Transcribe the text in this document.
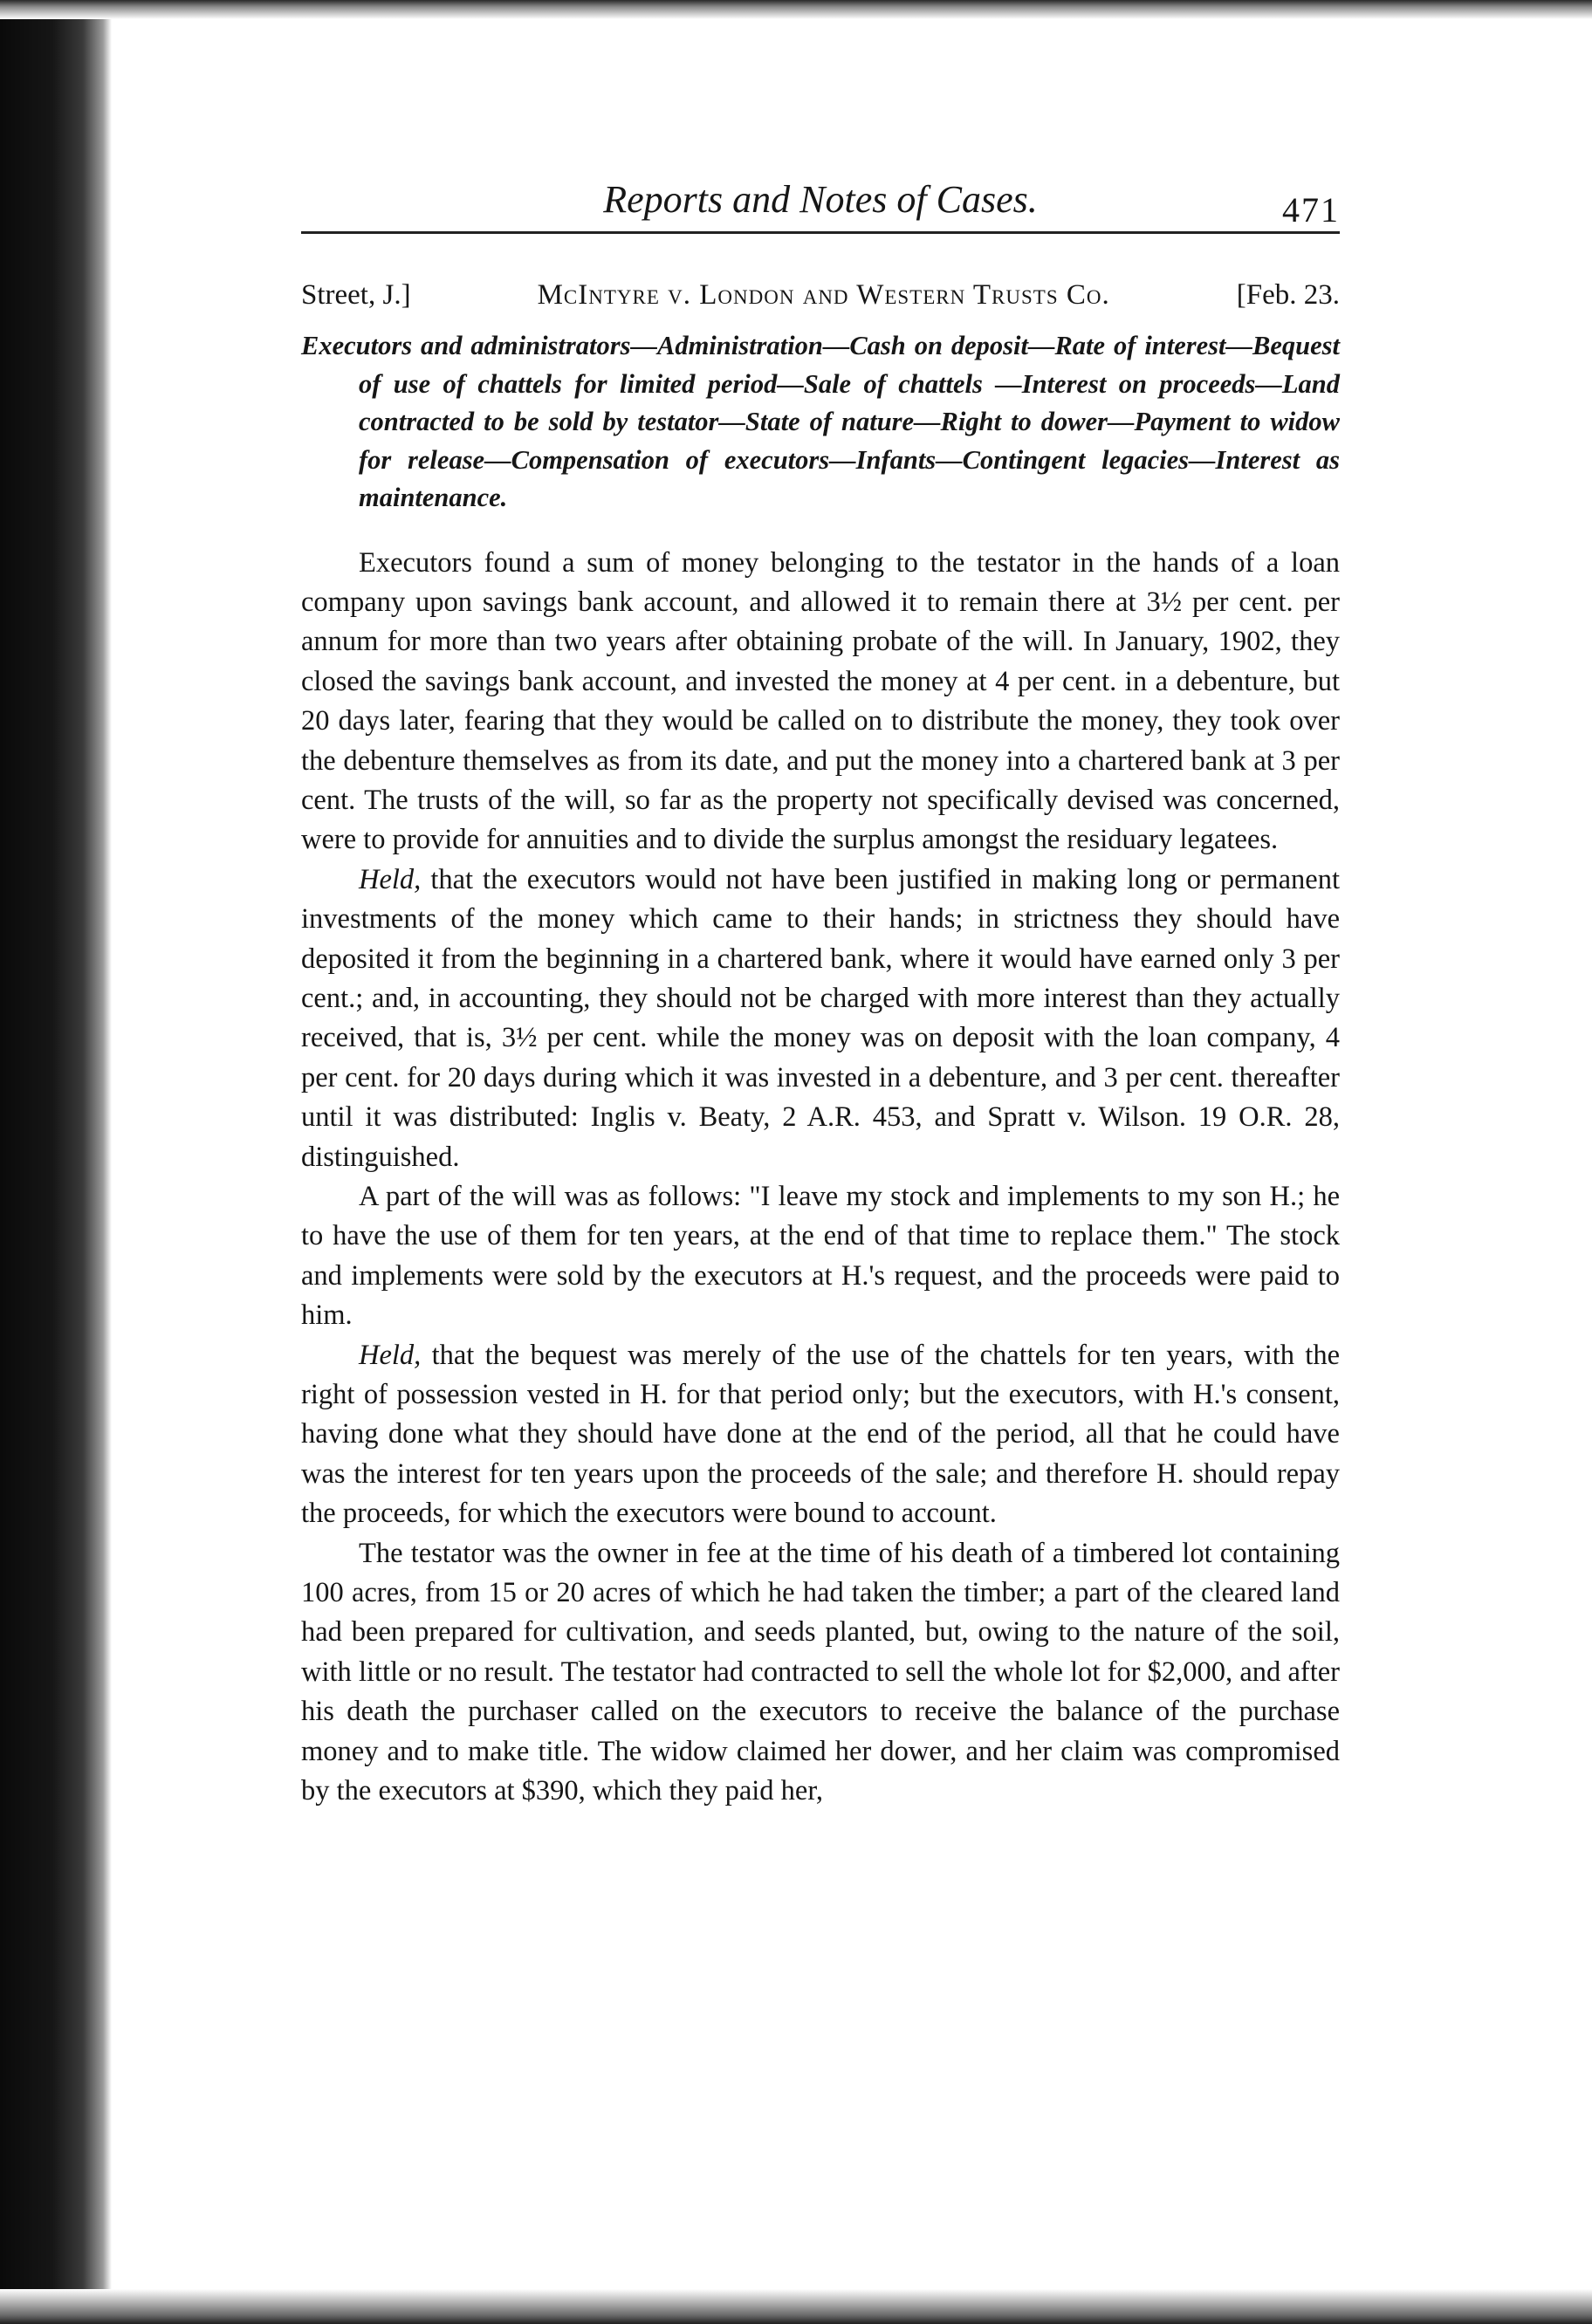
Reports and Notes of Cases.	471
Street, J.]	McIntyre v. London and Western Trusts Co.	[Feb. 23.
Executors and administrators—Administration—Cash on deposit—Rate of interest—Bequest of use of chattels for limited period—Sale of chattels —Interest on proceeds—Land contracted to be sold by testator—State of nature—Right to dower—Payment to widow for release—Compensation of executors—Infants—Contingent legacies—Interest as maintenance.

Executors found a sum of money belonging to the testator in the hands of a loan company upon savings bank account, and allowed it to remain there at 3½ per cent. per annum for more than two years after obtaining probate of the will. In January, 1902, they closed the savings bank account, and invested the money at 4 per cent. in a debenture, but 20 days later, fearing that they would be called on to distribute the money, they took over the debenture themselves as from its date, and put the money into a chartered bank at 3 per cent. The trusts of the will, so far as the property not specifically devised was concerned, were to provide for annuities and to divide the surplus amongst the residuary legatees.

Held, that the executors would not have been justified in making long or permanent investments of the money which came to their hands; in strictness they should have deposited it from the beginning in a chartered bank, where it would have earned only 3 per cent.; and, in accounting, they should not be charged with more interest than they actually received, that is, 3½ per cent. while the money was on deposit with the loan company, 4 per cent. for 20 days during which it was invested in a debenture, and 3 per cent. thereafter until it was distributed: Inglis v. Beaty, 2 A.R. 453, and Spratt v. Wilson. 19 O.R. 28, distinguished.

A part of the will was as follows: "I leave my stock and implements to my son H.; he to have the use of them for ten years, at the end of that time to replace them." The stock and implements were sold by the executors at H.'s request, and the proceeds were paid to him.

Held, that the bequest was merely of the use of the chattels for ten years, with the right of possession vested in H. for that period only; but the executors, with H.'s consent, having done what they should have done at the end of the period, all that he could have was the interest for ten years upon the proceeds of the sale; and therefore H. should repay the proceeds, for which the executors were bound to account.

The testator was the owner in fee at the time of his death of a timbered lot containing 100 acres, from 15 or 20 acres of which he had taken the timber; a part of the cleared land had been prepared for cultivation, and seeds planted, but, owing to the nature of the soil, with little or no result. The testator had contracted to sell the whole lot for $2,000, and after his death the purchaser called on the executors to receive the balance of the purchase money and to make title. The widow claimed her dower, and her claim was compromised by the executors at $390, which they paid her,
